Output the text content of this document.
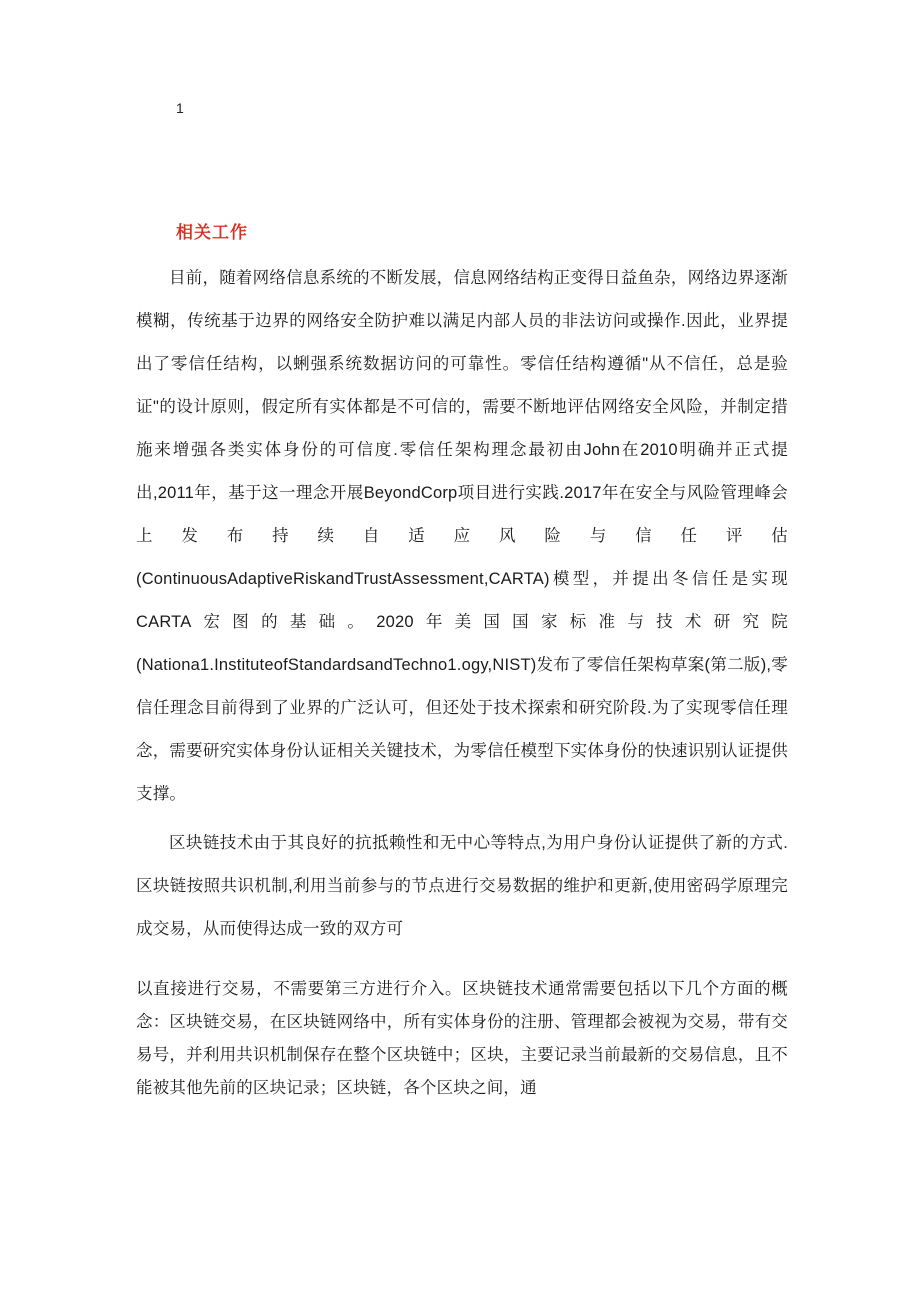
1
相关工作

目前，随着网络信息系统的不断发展，信息网络结构正变得日益鱼杂，网络边界逐渐模糊，传统基于边界的网络安全防护难以满足内部人员的非法访问或操作.因此，业界提出了零信任结构，以蜊强系统数据访问的可靠性。零信任结构遵循"从不信任，总是验证"的设计原则，假定所有实体都是不可信的，需要不断地评估网络安全风险，并制定措施来增强各类实体身份的可信度.零信任架构理念最初由John在2010明确并正式提出,2011年，基于这一理念开展BeyondCorp项目进行实践.2017年在安全与风险管理峰会上发布持续自适应风险与信任评估(ContinuousAdaptiveRiskandTrustAssessment,CARTA)模型，并提出冬信任是实现CARTA宏图的基础。2020年美国国家标准与技术研究院(Nationa1.InstituteofStandardsandTechno1.ogy,NIST)发布了零信任架构草案(第二版),零信任理念目前得到了业界的广泛认可，但还处于技术探索和研究阶段.为了实现零信任理念，需要研究实体身份认证相关关键技术，为零信任模型下实体身份的快速识别认证提供支撑。

区块链技术由于其良好的抗抵赖性和无中心等特点,为用户身份认证提供了新的方式.区块链按照共识机制,利用当前参与的节点进行交易数据的维护和更新,使用密码学原理完成交易，从而使得达成一致的双方可

以直接进行交易，不需要第三方进行介入。区块链技术通常需要包括以下几个方面的概念：区块链交易，在区块链网络中，所有实体身份的注册、管理都会被视为交易，带有交易号，并利用共识机制保存在整个区块链中；区块，主要记录当前最新的交易信息，且不能被其他先前的区块记录；区块链，各个区块之间，通
